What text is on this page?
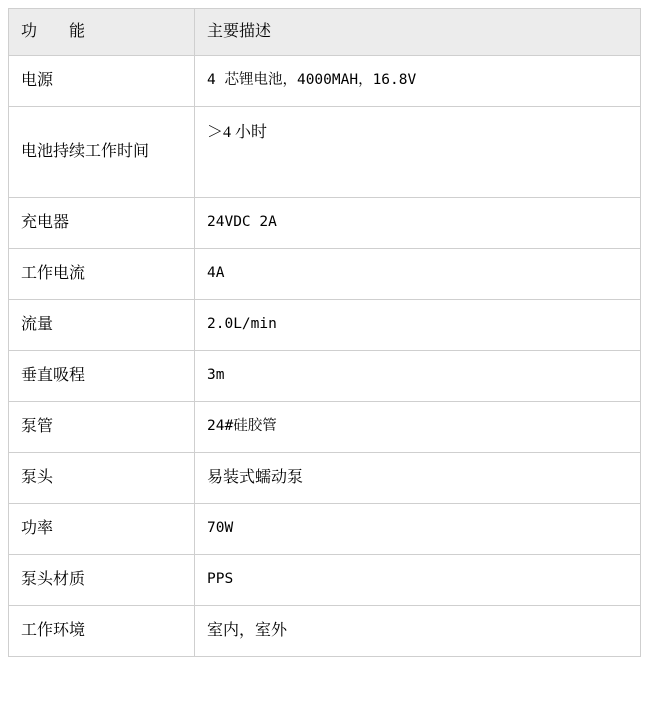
功　　能	主要描述
电源	4 芯锂电池，4000MAH，16.8V
电池持续工作时间	＞4 小时
充电器	24VDC 2A
工作电流	4A
流量	2.0L/min
垂直吸程	3m
泵管	24#硅胶管
泵头	易装式蠕动泵
功率	70W
泵头材质	PPS
工作环境	室内，室外
